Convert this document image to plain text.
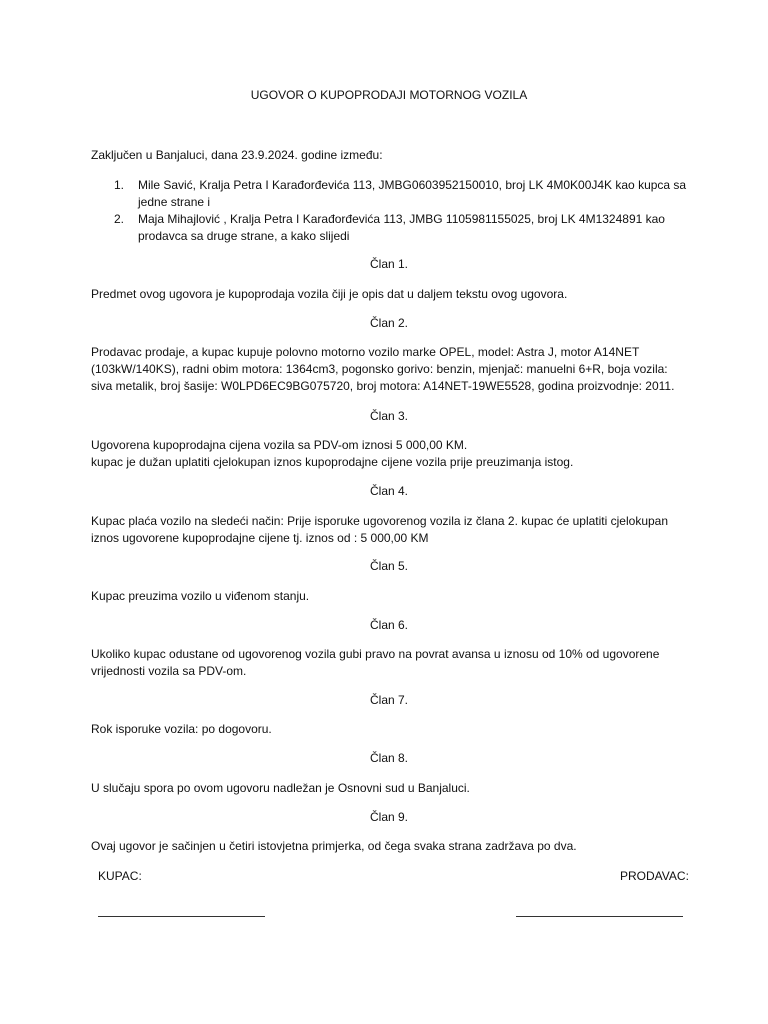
UGOVOR O KUPOPRODAJI MOTORNOG VOZILA

Zaključen u Banjaluci, dana 23.9.2024. godine između:

1. Mile Savić, Kralja Petra I Karađorđevića 113, JMBG0603952150010, broj LK 4M0K00J4K kao kupca sa jedne strane i
2. Maja Mihajlović , Kralja Petra I Karađorđevića 113, JMBG 1105981155025, broj LK 4M1324891 kao prodavca sa druge strane, a kako slijedi

Član 1.

Predmet ovog ugovora je kupoprodaja vozila čiji je opis dat u daljem tekstu ovog ugovora.

Član 2.

Prodavac prodaje, a kupac kupuje polovno motorno vozilo marke OPEL, model: Astra J, motor A14NET (103kW/140KS), radni obim motora: 1364cm3, pogonsko gorivo: benzin, mjenjač: manuelni 6+R, boja vozila: siva metalik, broj šasije: W0LPD6EC9BG075720, broj motora: A14NET-19WE5528, godina proizvodnje: 2011.

Član 3.

Ugovorena kupoprodajna cijena vozila sa PDV-om iznosi 5 000,00 KM.

kupac je dužan uplatiti cjelokupan iznos kupoprodajne cijene vozila prije preuzimanja istog.

Član 4.

Kupac plaća vozilo na sledeći način: Prije isporuke ugovorenog vozila iz člana 2. kupac će uplatiti cjelokupan iznos ugovorene kupoprodajne cijene tj. iznos od : 5 000,00 KM

Član 5.

Kupac preuzima vozilo u viđenom stanju.

Član 6.

Ukoliko kupac odustane od ugovorenog vozila gubi pravo na povrat avansa u iznosu od 10% od ugovorene vrijednosti vozila sa PDV-om.

Član 7.

Rok isporuke vozila: po dogovoru.

Član 8.

U slučaju spora po ovom ugovoru nadležan je Osnovni sud u Banjaluci.

Član 9.

Ovaj ugovor je sačinjen u četiri istovjetna primjerka, od čega svaka strana zadržava po dva.

KUPAC:	PRODAVAC:
